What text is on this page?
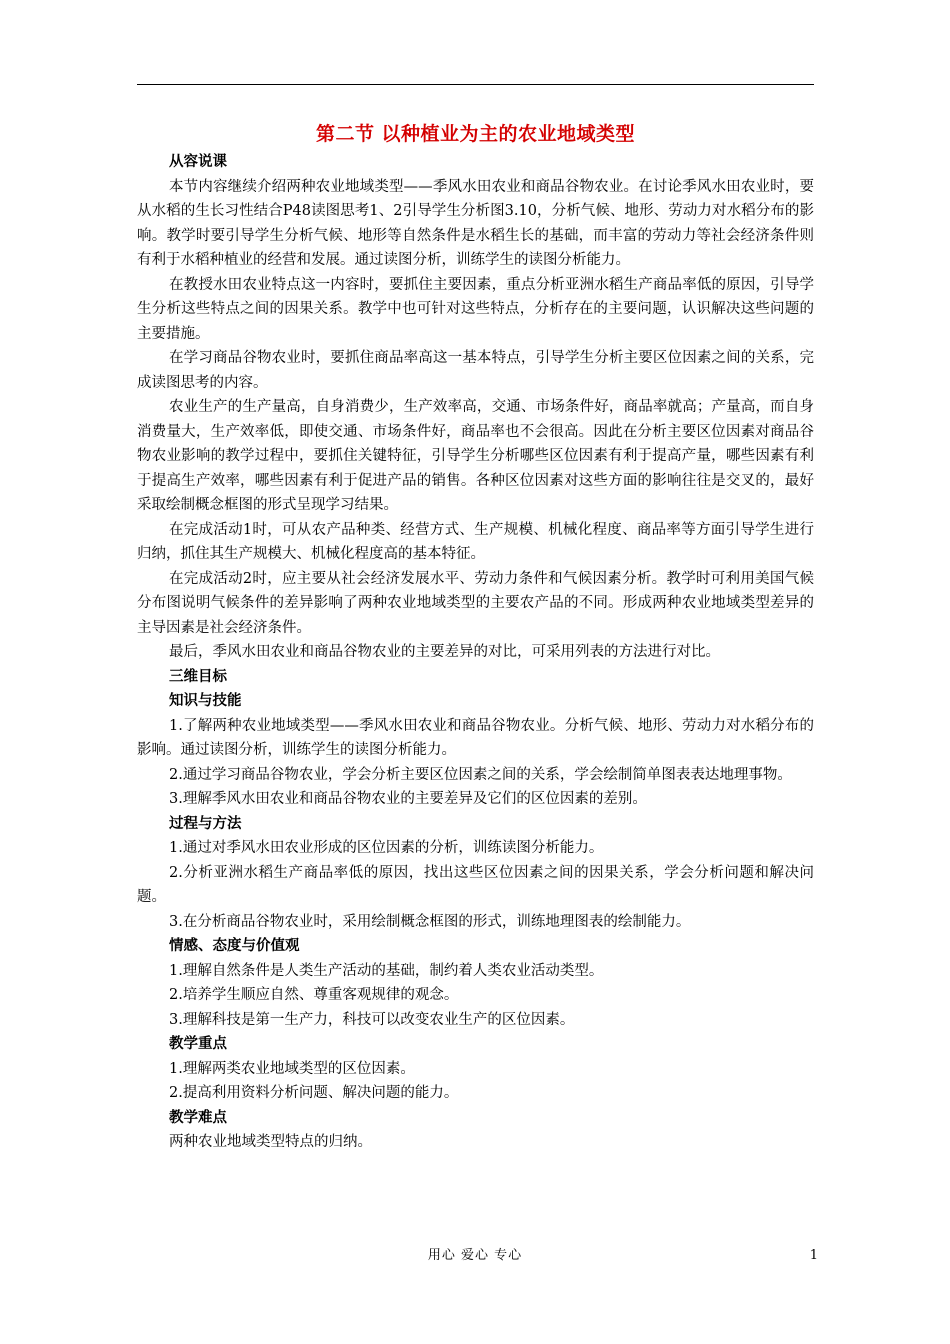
第二节 以种植业为主的农业地域类型

从容说课

本节内容继续介绍两种农业地域类型——季风水田农业和商品谷物农业。在讨论季风水田农业时，要从水稻的生长习性结合P48读图思考1、2引导学生分析图3.10，分析气候、地形、劳动力对水稻分布的影响。教学时要引导学生分析气候、地形等自然条件是水稻生长的基础，而丰富的劳动力等社会经济条件则有利于水稻种植业的经营和发展。通过读图分析，训练学生的读图分析能力。

在教授水田农业特点这一内容时，要抓住主要因素，重点分析亚洲水稻生产商品率低的原因，引导学生分析这些特点之间的因果关系。教学中也可针对这些特点，分析存在的主要问题，认识解决这些问题的主要措施。

在学习商品谷物农业时，要抓住商品率高这一基本特点，引导学生分析主要区位因素之间的关系，完成读图思考的内容。

农业生产的生产量高，自身消费少，生产效率高，交通、市场条件好，商品率就高；产量高，而自身消费量大，生产效率低，即使交通、市场条件好，商品率也不会很高。因此在分析主要区位因素对商品谷物农业影响的教学过程中，要抓住关键特征，引导学生分析哪些区位因素有利于提高产量，哪些因素有利于提高生产效率，哪些因素有利于促进产品的销售。各种区位因素对这些方面的影响往往是交叉的，最好采取绘制概念框图的形式呈现学习结果。

在完成活动1时，可从农产品种类、经营方式、生产规模、机械化程度、商品率等方面引导学生进行归纳，抓住其生产规模大、机械化程度高的基本特征。

在完成活动2时，应主要从社会经济发展水平、劳动力条件和气候因素分析。教学时可利用美国气候分布图说明气候条件的差异影响了两种农业地域类型的主要农产品的不同。形成两种农业地域类型差异的主导因素是社会经济条件。

最后，季风水田农业和商品谷物农业的主要差异的对比，可采用列表的方法进行对比。

三维目标

知识与技能

1.了解两种农业地域类型——季风水田农业和商品谷物农业。分析气候、地形、劳动力对水稻分布的影响。通过读图分析，训练学生的读图分析能力。

2.通过学习商品谷物农业，学会分析主要区位因素之间的关系，学会绘制简单图表表达地理事物。

3.理解季风水田农业和商品谷物农业的主要差异及它们的区位因素的差别。

过程与方法

1.通过对季风水田农业形成的区位因素的分析，训练读图分析能力。

2.分析亚洲水稻生产商品率低的原因，找出这些区位因素之间的因果关系，学会分析问题和解决问题。

3.在分析商品谷物农业时，采用绘制概念框图的形式，训练地理图表的绘制能力。

情感、态度与价值观

1.理解自然条件是人类生产活动的基础，制约着人类农业活动类型。

2.培养学生顺应自然、尊重客观规律的观念。

3.理解科技是第一生产力，科技可以改变农业生产的区位因素。

教学重点

1.理解两类农业地域类型的区位因素。

2.提高利用资料分析问题、解决问题的能力。

教学难点

两种农业地域类型特点的归纳。

用心 爱心 专心	1
